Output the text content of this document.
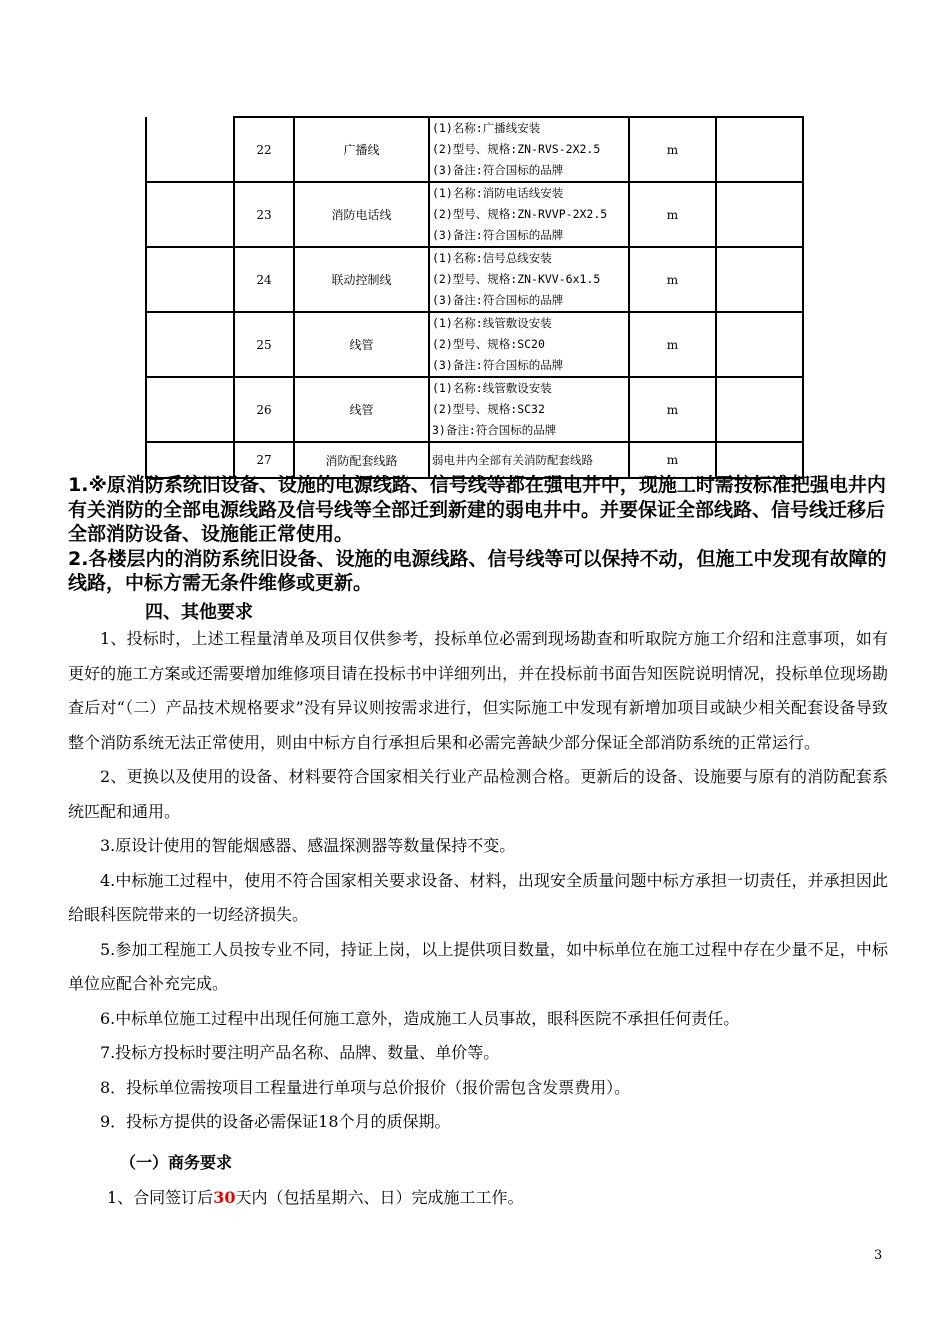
	22	广播线	(1)名称:广播线安装
(2)型号、规格:ZN-RVS-2X2.5
(3)备注:符合国标的品牌	m	
	23	消防电话线	(1)名称:消防电话线安装
(2)型号、规格:ZN-RVVP-2X2.5
(3)备注:符合国标的品牌	m	
	24	联动控制线	(1)名称:信号总线安装
(2)型号、规格:ZN-KVV-6x1.5
(3)备注:符合国标的品牌	m	
	25	线管	(1)名称:线管敷设安装
(2)型号、规格:SC20
(3)备注:符合国标的品牌	m	
	26	线管	(1)名称:线管敷设安装
(2)型号、规格:SC32
3)备注:符合国标的品牌	m	
	27	消防配套线路	弱电井内全部有关消防配套线路	m	

1.※原消防系统旧设备、设施的电源线路、信号线等都在强电井中，现施工时需按标准把强电井内有关消防的全部电源线路及信号线等全部迁到新建的弱电井中。并要保证全部线路、信号线迁移后全部消防设备、设施能正常使用。

2.各楼层内的消防系统旧设备、设施的电源线路、信号线等可以保持不动，但施工中发现有故障的线路，中标方需无条件维修或更新。

四、其他要求

1、投标时，上述工程量清单及项目仅供参考，投标单位必需到现场勘查和听取院方施工介绍和注意事项，如有更好的施工方案或还需要增加维修项目请在投标书中详细列出，并在投标前书面告知医院说明情况，投标单位现场勘查后对“（二）产品技术规格要求”没有异议则按需求进行，但实际施工中发现有新增加项目或缺少相关配套设备导致整个消防系统无法正常使用，则由中标方自行承担后果和必需完善缺少部分保证全部消防系统的正常运行。

2、更换以及使用的设备、材料要符合国家相关行业产品检测合格。更新后的设备、设施要与原有的消防配套系统匹配和通用。

3.原设计使用的智能烟感器、感温探测器等数量保持不变。

4.中标施工过程中，使用不符合国家相关要求设备、材料，出现安全质量问题中标方承担一切责任，并承担因此给眼科医院带来的一切经济损失。

5.参加工程施工人员按专业不同，持证上岗，以上提供项目数量，如中标单位在施工过程中存在少量不足，中标单位应配合补充完成。

6.中标单位施工过程中出现任何施工意外，造成施工人员事故，眼科医院不承担任何责任。

7.投标方投标时要注明产品名称、品牌、数量、单价等。

8．投标单位需按项目工程量进行单项与总价报价（报价需包含发票费用）。

9．投标方提供的设备必需保证18个月的质保期。

（一）商务要求
1、合同签订后30天内（包括星期六、日）完成施工工作。
3
